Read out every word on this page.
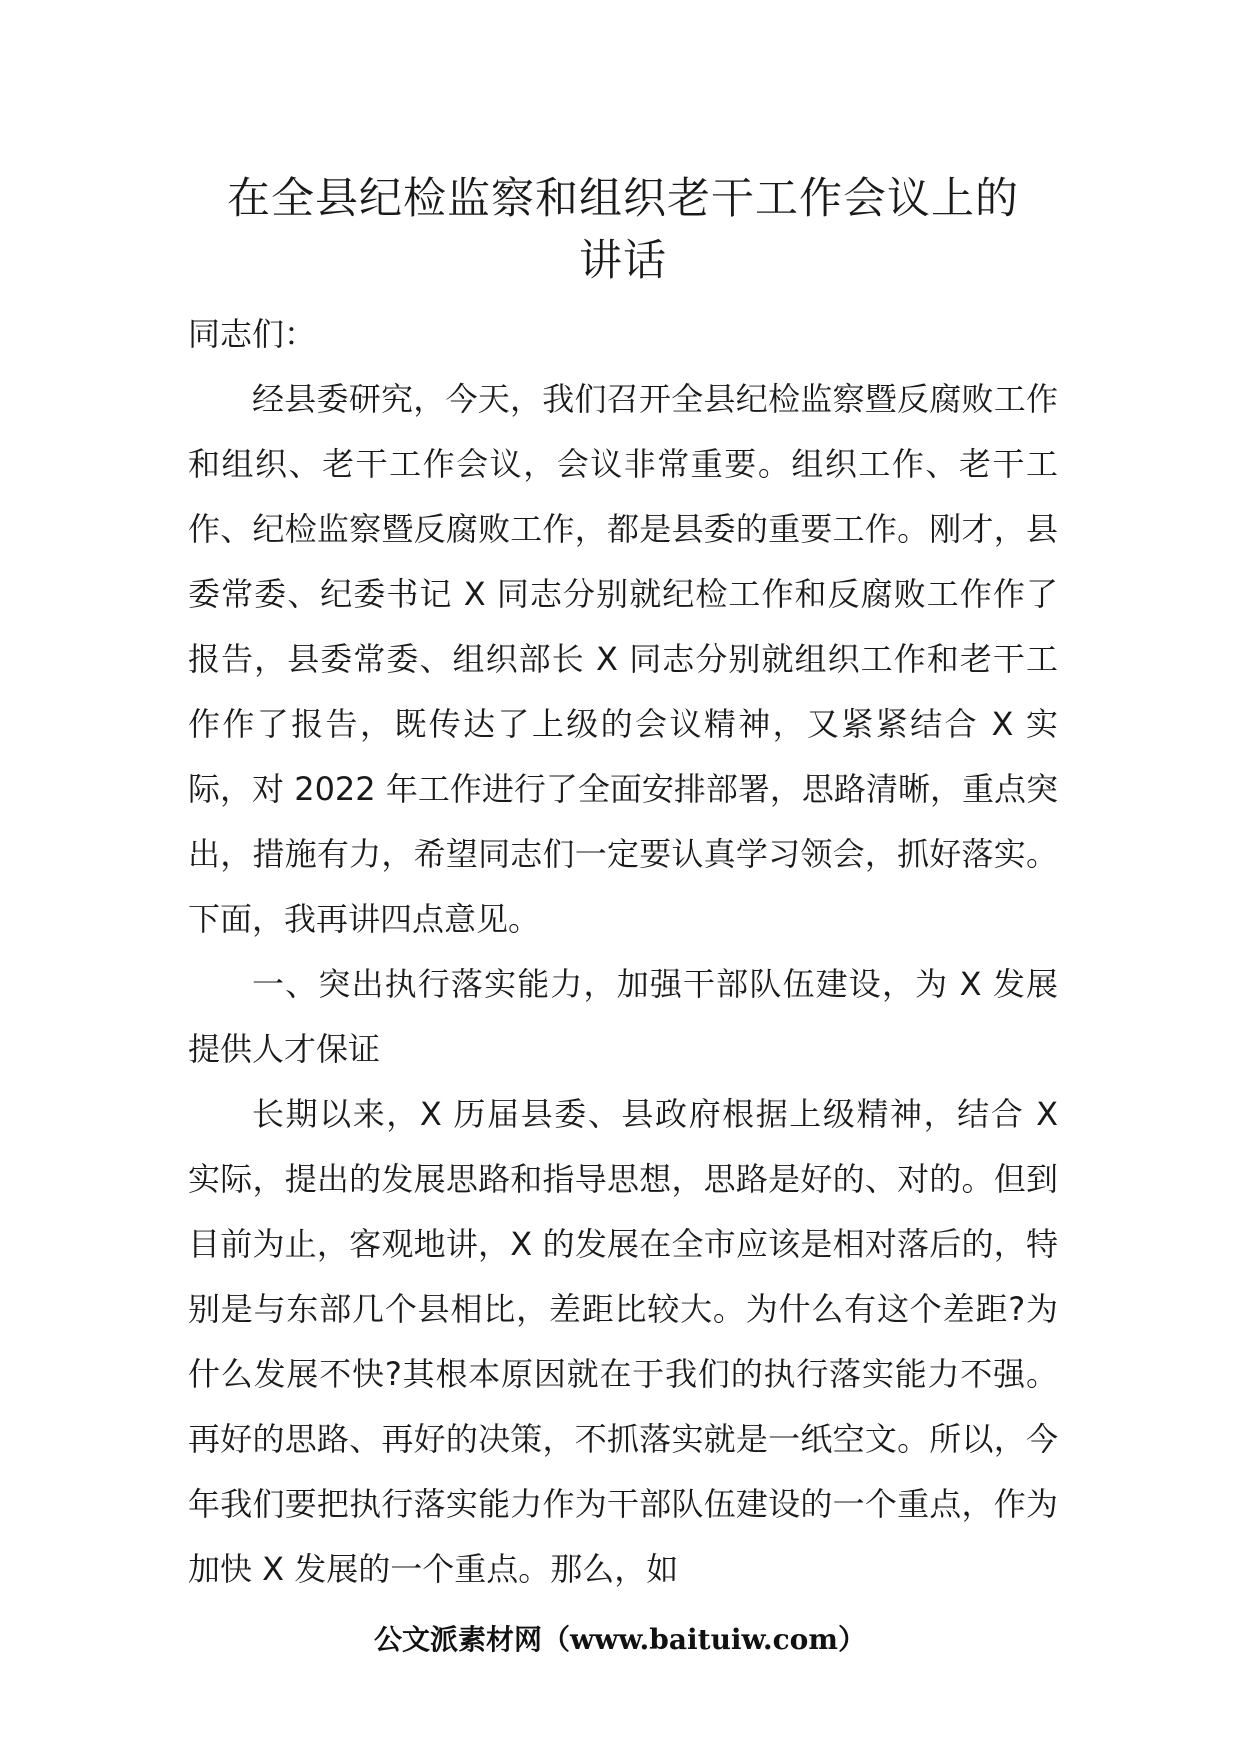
在全县纪检监察和组织老干工作会议上的
讲话

同志们：

经县委研究，今天，我们召开全县纪检监察暨反腐败工作和组织、老干工作会议，会议非常重要。组织工作、老干工作、纪检监察暨反腐败工作，都是县委的重要工作。刚才，县委常委、纪委书记 X 同志分别就纪检工作和反腐败工作作了报告，县委常委、组织部长 X 同志分别就组织工作和老干工作作了报告，既传达了上级的会议精神，又紧紧结合 X 实际，对 2022 年工作进行了全面安排部署，思路清晰，重点突出，措施有力，希望同志们一定要认真学习领会，抓好落实。下面，我再讲四点意见。

一、突出执行落实能力，加强干部队伍建设，为 X 发展提供人才保证

长期以来，X 历届县委、县政府根据上级精神，结合 X 实际，提出的发展思路和指导思想，思路是好的、对的。但到目前为止，客观地讲，X 的发展在全市应该是相对落后的，特别是与东部几个县相比，差距比较大。为什么有这个差距?为什么发展不快?其根本原因就在于我们的执行落实能力不强。再好的思路、再好的决策，不抓落实就是一纸空文。所以，今年我们要把执行落实能力作为干部队伍建设的一个重点，作为加快 X 发展的一个重点。那么，如

公文派素材网（www.baituiw.com）
